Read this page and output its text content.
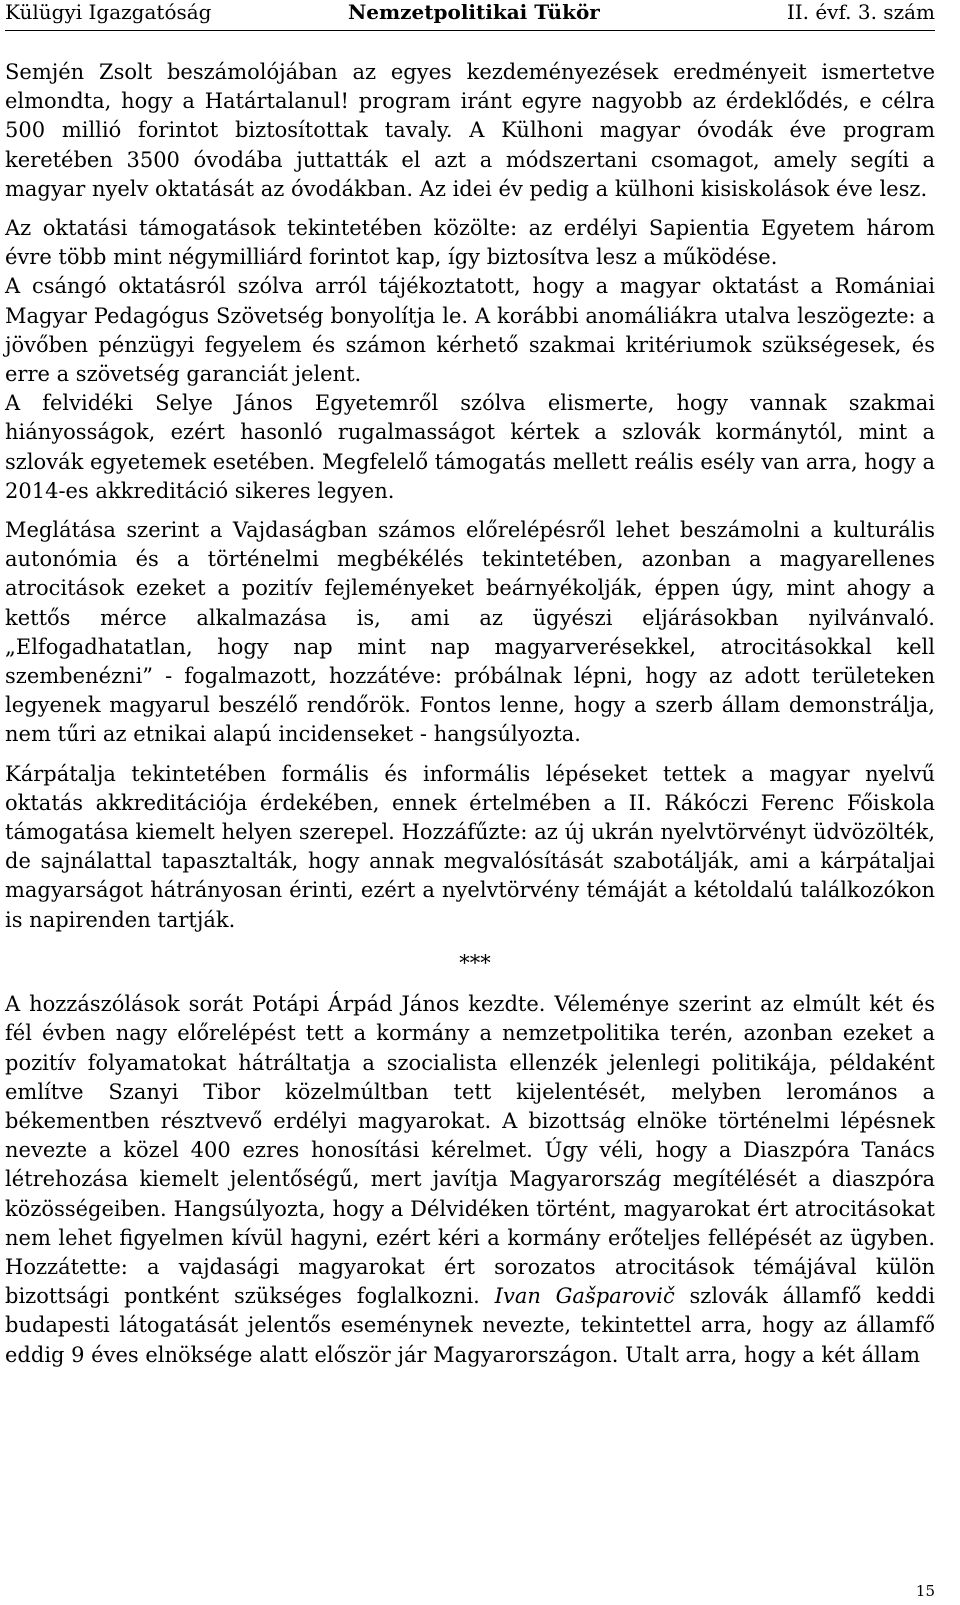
Külügyi Igazgatóság	Nemzetpolitikai Tükör	II. évf. 3. szám

Semjén Zsolt beszámolójában az egyes kezdeményezések eredményeit ismertetve elmondta, hogy a Határtalanul! program iránt egyre nagyobb az érdeklődés, e célra 500 millió forintot biztosítottak tavaly. A Külhoni magyar óvodák éve program keretében 3500 óvodába juttatták el azt a módszertani csomagot, amely segíti a magyar nyelv oktatását az óvodákban. Az idei év pedig a külhoni kisiskolások éve lesz.

Az oktatási támogatások tekintetében közölte: az erdélyi Sapientia Egyetem három évre több mint négymilliárd forintot kap, így biztosítva lesz a működése.

A csángó oktatásról szólva arról tájékoztatott, hogy a magyar oktatást a Romániai Magyar Pedagógus Szövetség bonyolítja le. A korábbi anomáliákra utalva leszögezte: a jövőben pénzügyi fegyelem és számon kérhető szakmai kritériumok szükségesek, és erre a szövetség garanciát jelent.

A felvidéki Selye János Egyetemről szólva elismerte, hogy vannak szakmai hiányosságok, ezért hasonló rugalmasságot kértek a szlovák kormánytól, mint a szlovák egyetemek esetében. Megfelelő támogatás mellett reális esély van arra, hogy a 2014-es akkreditáció sikeres legyen.

Meglátása szerint a Vajdaságban számos előrelépésről lehet beszámolni a kulturális autonómia és a történelmi megbékélés tekintetében, azonban a magyarellenes atrocitások ezeket a pozitív fejleményeket beárnyékolják, éppen úgy, mint ahogy a kettős mérce alkalmazása is, ami az ügyészi eljárásokban nyilvánvaló. „Elfogadhatatlan, hogy nap mint nap magyarverésekkel, atrocitásokkal kell szembenézni” - fogalmazott, hozzátéve: próbálnak lépni, hogy az adott területeken legyenek magyarul beszélő rendőrök. Fontos lenne, hogy a szerb állam demonstrálja, nem tűri az etnikai alapú incidenseket - hangsúlyozta.

Kárpátalja tekintetében formális és informális lépéseket tettek a magyar nyelvű oktatás akkreditációja érdekében, ennek értelmében a II. Rákóczi Ferenc Főiskola támogatása kiemelt helyen szerepel. Hozzáfűzte: az új ukrán nyelvtörvényt üdvözölték, de sajnálattal tapasztalták, hogy annak megvalósítását szabotálják, ami a kárpátaljai magyarságot hátrányosan érinti, ezért a nyelvtörvény témáját a kétoldalú találkozókon is napirenden tartják.

***

A hozzászólások sorát Potápi Árpád János kezdte. Véleménye szerint az elmúlt két és fél évben nagy előrelépést tett a kormány a nemzetpolitika terén, azonban ezeket a pozitív folyamatokat hátráltatja a szocialista ellenzék jelenlegi politikája, példaként említve Szanyi Tibor közelmúltban tett kijelentését, melyben leromános a békementben résztvevő erdélyi magyarokat. A bizottság elnöke történelmi lépésnek nevezte a közel 400 ezres honosítási kérelmet. Úgy véli, hogy a Diaszpóra Tanács létrehozása kiemelt jelentőségű, mert javítja Magyarország megítélését a diaszpóra közösségeiben. Hangsúlyozta, hogy a Délvidéken történt, magyarokat ért atrocitásokat nem lehet figyelmen kívül hagyni, ezért kéri a kormány erőteljes fellépését az ügyben. Hozzátette: a vajdasági magyarokat ért sorozatos atrocitások témájával külön bizottsági pontként szükséges foglalkozni. Ivan Gašparovič szlovák államfő keddi budapesti látogatását jelentős eseménynek nevezte, tekintettel arra, hogy az államfő eddig 9 éves elnöksége alatt először jár Magyarországon. Utalt arra, hogy a két állam

15
